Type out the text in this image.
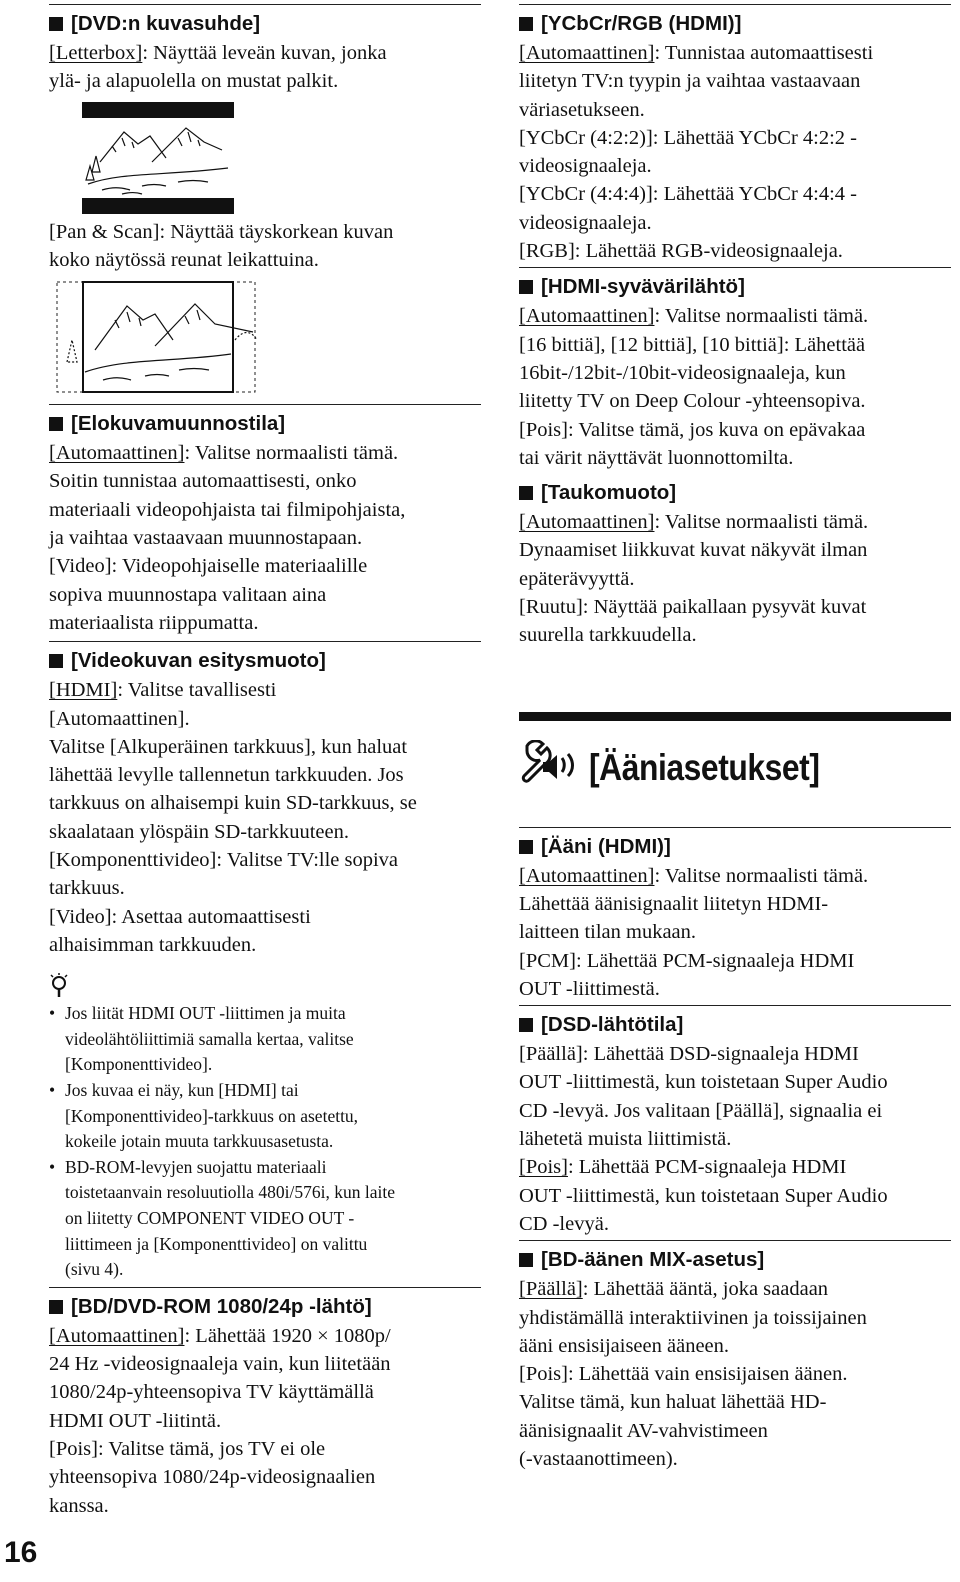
[DVD:n kuvasuhde]

[Letterbox]: Näyttää leveän kuvan, jonka

ylä- ja alapuolella on mustat palkit.

[Pan & Scan]: Näyttää täyskorkean kuvan

koko näytössä reunat leikattuina.

[Elokuvamuunnostila]

[Automaattinen]: Valitse normaalisti tämä.

Soitin tunnistaa automaattisesti, onko

materiaali videopohjaista tai filmipohjaista,

ja vaihtaa vastaavaan muunnostapaan.

[Video]: Videopohjaiselle materiaalille

sopiva muunnostapa valitaan aina

materiaalista riippumatta.

[Videokuvan esitysmuoto]

[HDMI]: Valitse tavallisesti

[Automaattinen].

Valitse [Alkuperäinen tarkkuus], kun haluat

lähettää levylle tallennetun tarkkuuden. Jos

tarkkuus on alhaisempi kuin SD-tarkkuus, se

skaalataan ylöspäin SD-tarkkuuteen.

[Komponenttivideo]: Valitse TV:lle sopiva

tarkkuus.

[Video]: Asettaa automaattisesti

alhaisimman tarkkuuden.

• Jos liität HDMI OUT -liittimen ja muita

videolähtöliittimiä samalla kertaa, valitse

[Komponenttivideo].

• Jos kuvaa ei näy, kun [HDMI] tai

[Komponenttivideo]-tarkkuus on asetettu,

kokeile jotain muuta tarkkuusasetusta.

• BD-ROM-levyjen suojattu materiaali

toistetaanvain resoluutiolla 480i/576i, kun laite

on liitetty COMPONENT VIDEO OUT -

liittimeen ja [Komponenttivideo] on valittu

(sivu 4).

[BD/DVD-ROM 1080/24p -lähtö]

[Automaattinen]: Lähettää 1920 × 1080p/

24 Hz -videosignaaleja vain, kun liitetään

1080/24p-yhteensopiva TV käyttämällä

HDMI OUT -liitintä.

[Pois]: Valitse tämä, jos TV ei ole

yhteensopiva 1080/24p-videosignaalien

kanssa.

[YCbCr/RGB (HDMI)]

[Automaattinen]: Tunnistaa automaattisesti

liitetyn TV:n tyypin ja vaihtaa vastaavaan

väriasetukseen.

[YCbCr (4:2:2)]: Lähettää YCbCr 4:2:2 -

videosignaaleja.

[YCbCr (4:4:4)]: Lähettää YCbCr 4:4:4 -

videosignaaleja.

[RGB]: Lähettää RGB-videosignaaleja.

[HDMI-syvävärilähtö]

[Automaattinen]: Valitse normaalisti tämä.

[16 bittiä], [12 bittiä], [10 bittiä]: Lähettää

16bit-/12bit-/10bit-videosignaaleja, kun

liitetty TV on Deep Colour -yhteensopiva.

[Pois]: Valitse tämä, jos kuva on epävakaa

tai värit näyttävät luonnottomilta.

[Taukomuoto]

[Automaattinen]: Valitse normaalisti tämä.

Dynaamiset liikkuvat kuvat näkyvät ilman

epäterävyyttä.

[Ruutu]: Näyttää paikallaan pysyvät kuvat

suurella tarkkuudella.

[Ääniasetukset]
[Ääni (HDMI)]

[Automaattinen]: Valitse normaalisti tämä.

Lähettää äänisignaalit liitetyn HDMI-

laitteen tilan mukaan.

[PCM]: Lähettää PCM-signaaleja HDMI

OUT -liittimestä.

[DSD-lähtötila]

[Päällä]: Lähettää DSD-signaaleja HDMI

OUT -liittimestä, kun toistetaan Super Audio

CD -levyä. Jos valitaan [Päällä], signaalia ei

lähetetä muista liittimistä.

[Pois]: Lähettää PCM-signaaleja HDMI

OUT -liittimestä, kun toistetaan Super Audio

CD -levyä.

[BD-äänen MIX-asetus]

[Päällä]: Lähettää ääntä, joka saadaan

yhdistämällä interaktiivinen ja toissijainen

ääni ensisijaiseen ääneen.

[Pois]: Lähettää vain ensisijaisen äänen.

Valitse tämä, kun haluat lähettää HD-

äänisignaalit AV-vahvistimeen

(-vastaanottimeen).

16
